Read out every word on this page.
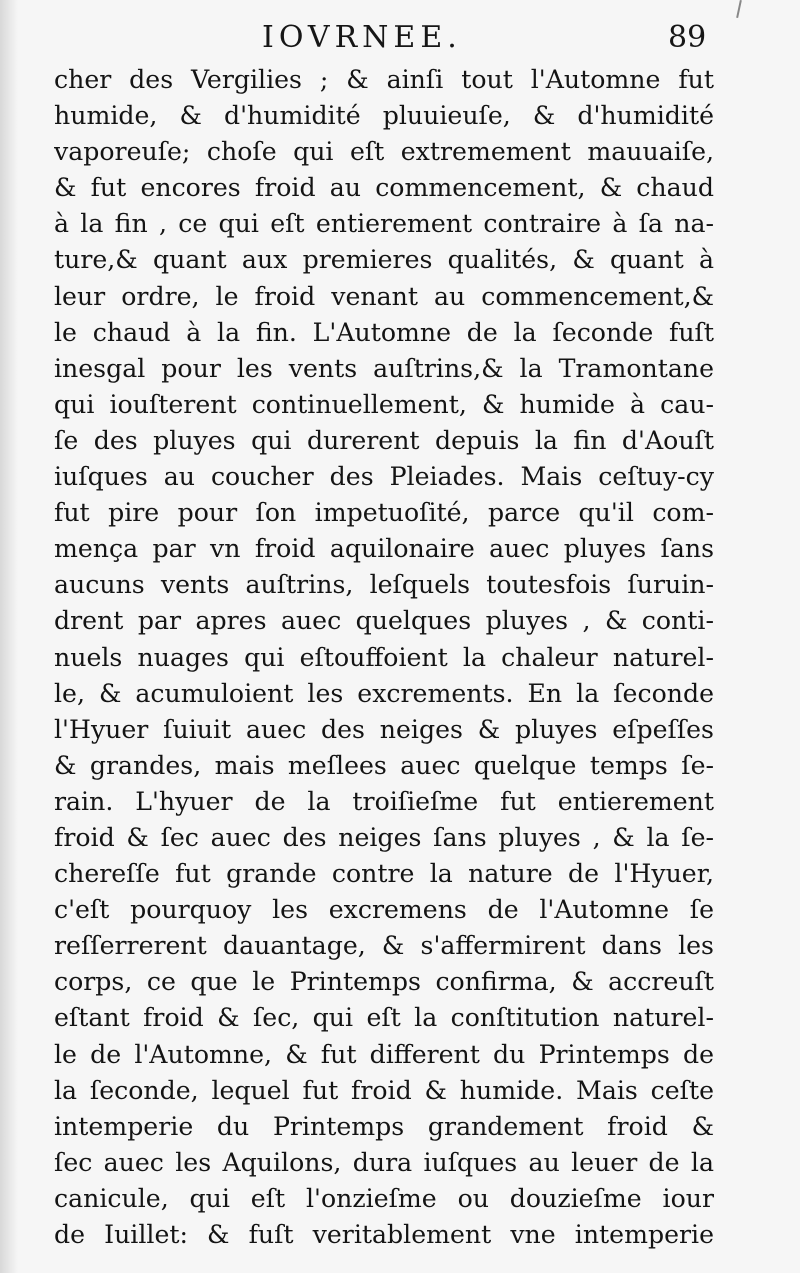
IOVRNEE.	89
cher des Vergilies ; & ainſi tout l'Automne fut
humide, & d'humidité pluuieuſe, & d'humidité
vaporeuſe; choſe qui eſt extremement mauuaiſe,
& fut encores froid au commencement, & chaud
à la fin , ce qui eſt entierement contraire à ſa na-
ture,& quant aux premieres qualités, & quant à
leur ordre, le froid venant au commencement,&
le chaud à la fin. L'Automne de la ſeconde fuſt
inesgal pour les vents auſtrins,& la Tramontane
qui iouſterent continuellement, & humide à cau-
ſe des pluyes qui durerent depuis la fin d'Aouſt
iuſques au coucher des Pleiades. Mais ceſtuy-cy
fut pire pour ſon impetuoſité, parce qu'il com-
mença par vn froid aquilonaire auec pluyes ſans
aucuns vents auſtrins, leſquels toutesfois ſuruin-
drent par apres auec quelques pluyes , & conti-
nuels nuages qui eſtouffoient la chaleur naturel-
le, & acumuloient les excrements. En la ſeconde
l'Hyuer ſuiuit auec des neiges & pluyes eſpeſſes
& grandes, mais meſlees auec quelque temps ſe-
rain. L'hyuer de la troiſieſme fut entierement
froid & ſec auec des neiges ſans pluyes , & la ſe-
chereſſe fut grande contre la nature de l'Hyuer,
c'eſt pourquoy les excremens de l'Automne ſe
reſſerrerent dauantage, & s'affermirent dans les
corps, ce que le Printemps confirma, & accreuſt
eſtant froid & ſec, qui eſt la conſtitution naturel-
le de l'Automne, & fut different du Printemps de
la ſeconde, lequel fut froid & humide. Mais ceſte
intemperie du Printemps grandement froid &
ſec auec les Aquilons, dura iuſques au leuer de la
canicule, qui eſt l'onzieſme ou douzieſme iour
de Iuillet: & fuſt veritablement vne intemperie
